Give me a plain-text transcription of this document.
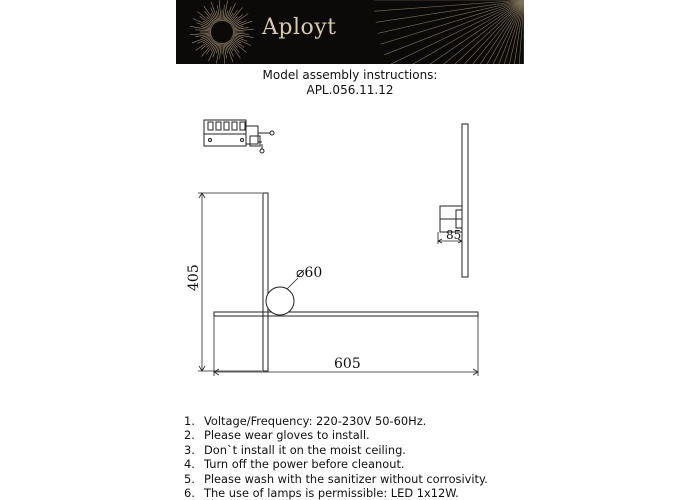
Aployt
Model assembly instructions:
APL.056.11.12
405
605
⌀60
85
1. Voltage/Frequency: 220-230V 50-60Hz.
2. Please wear gloves to install.
3. Don`t install it on the moist ceiling.
4. Turn off the power before cleanout.
5. Please wash with the sanitizer without corrosivity.
6. The use of lamps is permissible: LED 1x12W.
